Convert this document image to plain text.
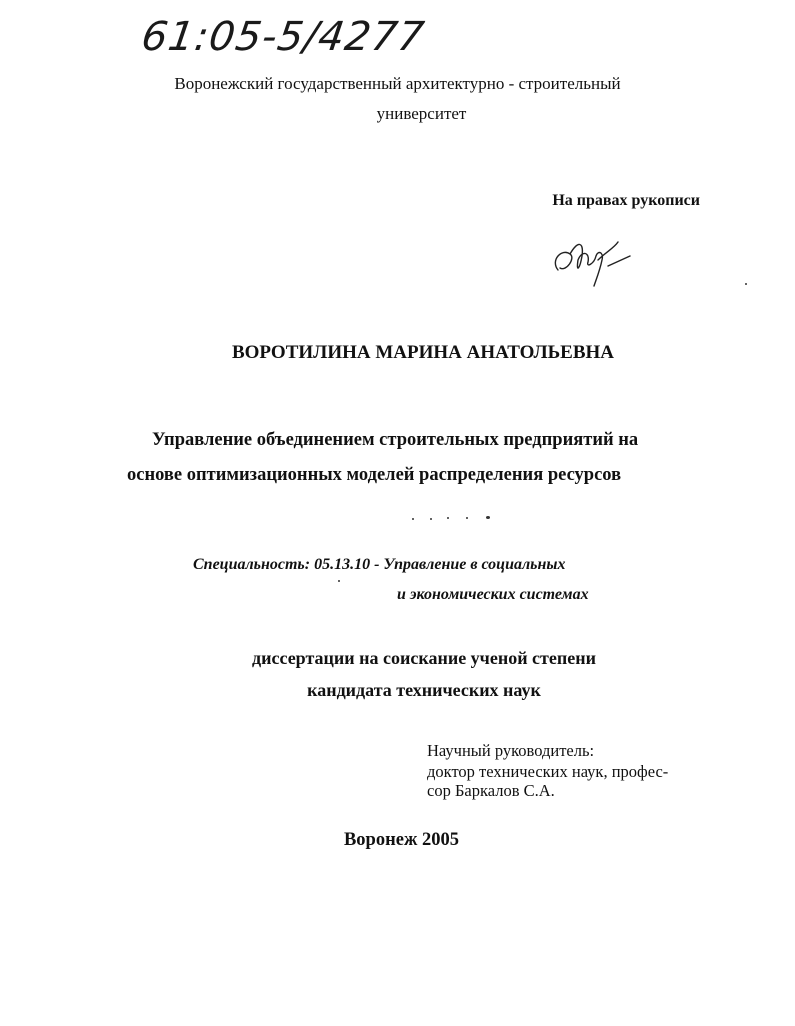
61:05-5/4277
Воронежский государственный архитектурно - строительный
университет
На правах рукописи
ВОРОТИЛИНА МАРИНА АНАТОЛЬЕВНА
Управление объединением строительных предприятий на
основе оптимизационных моделей распределения ресурсов
Специальность: 05.13.10 - Управление в социальных
и экономических системах
диссертации на соискание ученой степени
кандидата технических наук
Научный руководитель:
доктор технических наук, профес-
сор Баркалов С.А.
Воронеж 2005
